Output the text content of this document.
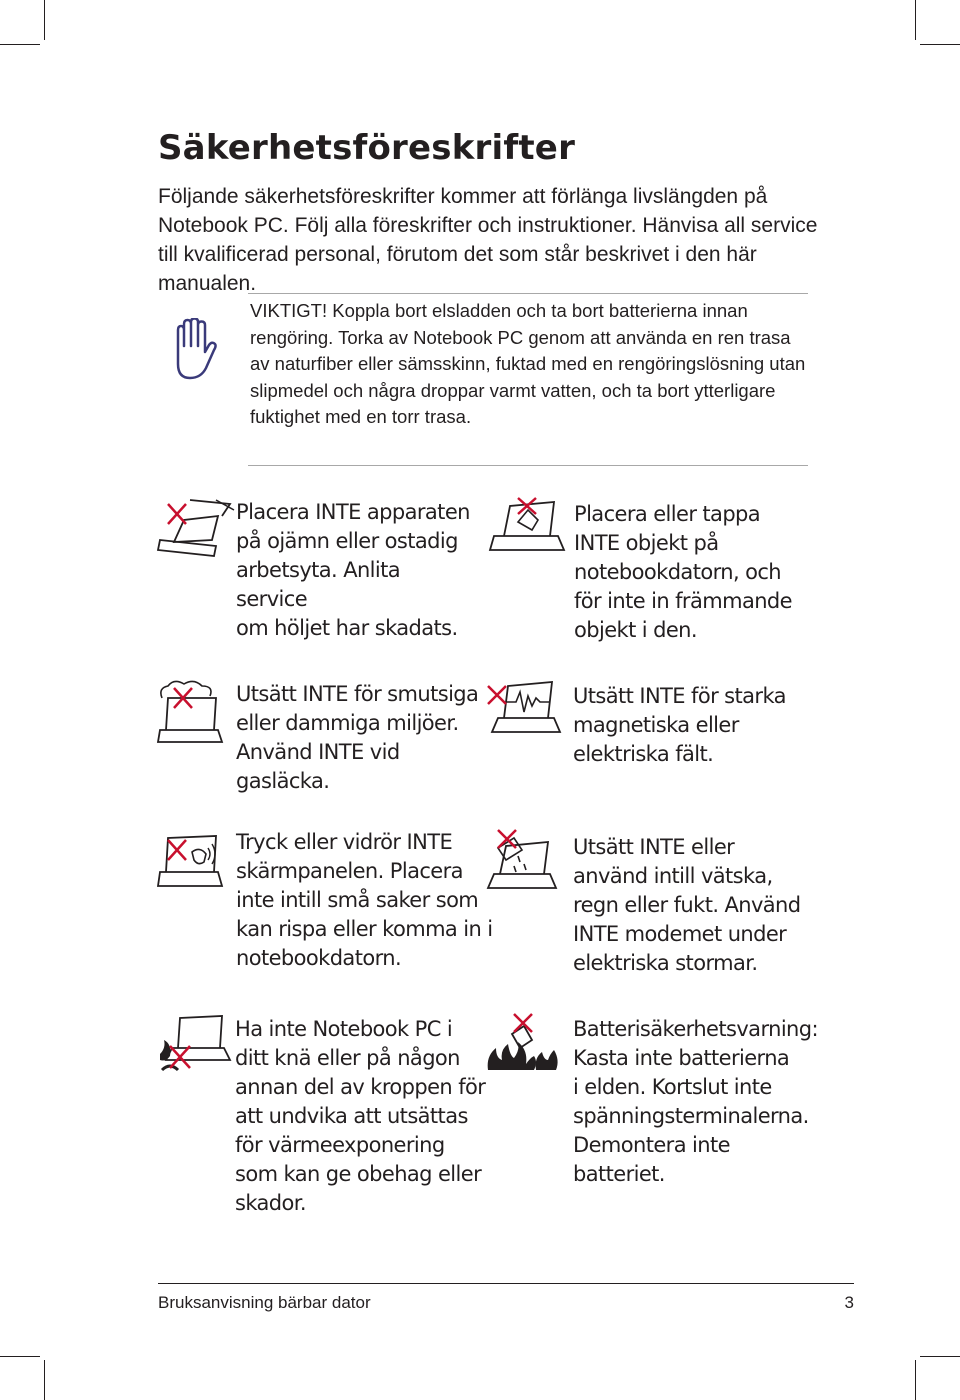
Säkerhetsföreskrifter

Följande säkerhetsföreskrifter kommer att förlänga livslängden på Notebook PC. Följ alla föreskrifter och instruktioner. Hänvisa all service till kvalificerad personal, förutom det som står beskrivet i den här manualen.

VIKTIGT! Koppla bort elsladden och ta bort batterierna innan rengöring. Torka av Notebook PC genom att använda en ren trasa av naturfiber eller sämsskinn, fuktad med en rengöringslösning utan slipmedel och några droppar varmt vatten, och ta bort ytterligare fuktighet med en torr trasa.

Placera INTE apparaten
på ojämn eller ostadig
arbetsyta. Anlita service
om höljet har skadats.

Placera eller tappa
INTE objekt på
notebookdatorn, och
för inte in främmande
objekt i den.

Utsätt INTE för smutsiga
eller dammiga miljöer.
Använd INTE vid gasläcka.

Utsätt INTE för starka
magnetiska eller
elektriska fält.

Tryck eller vidrör INTE
skärmpanelen. Placera
inte intill små saker som
kan rispa eller komma in i
notebookdatorn.

Utsätt INTE eller
använd intill vätska,
regn eller fukt. Använd
INTE modemet under
elektriska stormar.

Ha inte Notebook PC i
ditt knä eller på någon
annan del av kroppen för
att undvika att utsättas
för värmeexponering
som kan ge obehag eller
skador.

Batterisäkerhetsvarning:
Kasta inte batterierna
i elden. Kortslut inte
spänningsterminalerna.
Demontera inte
batteriet.

Bruksanvisning bärbar dator	3
